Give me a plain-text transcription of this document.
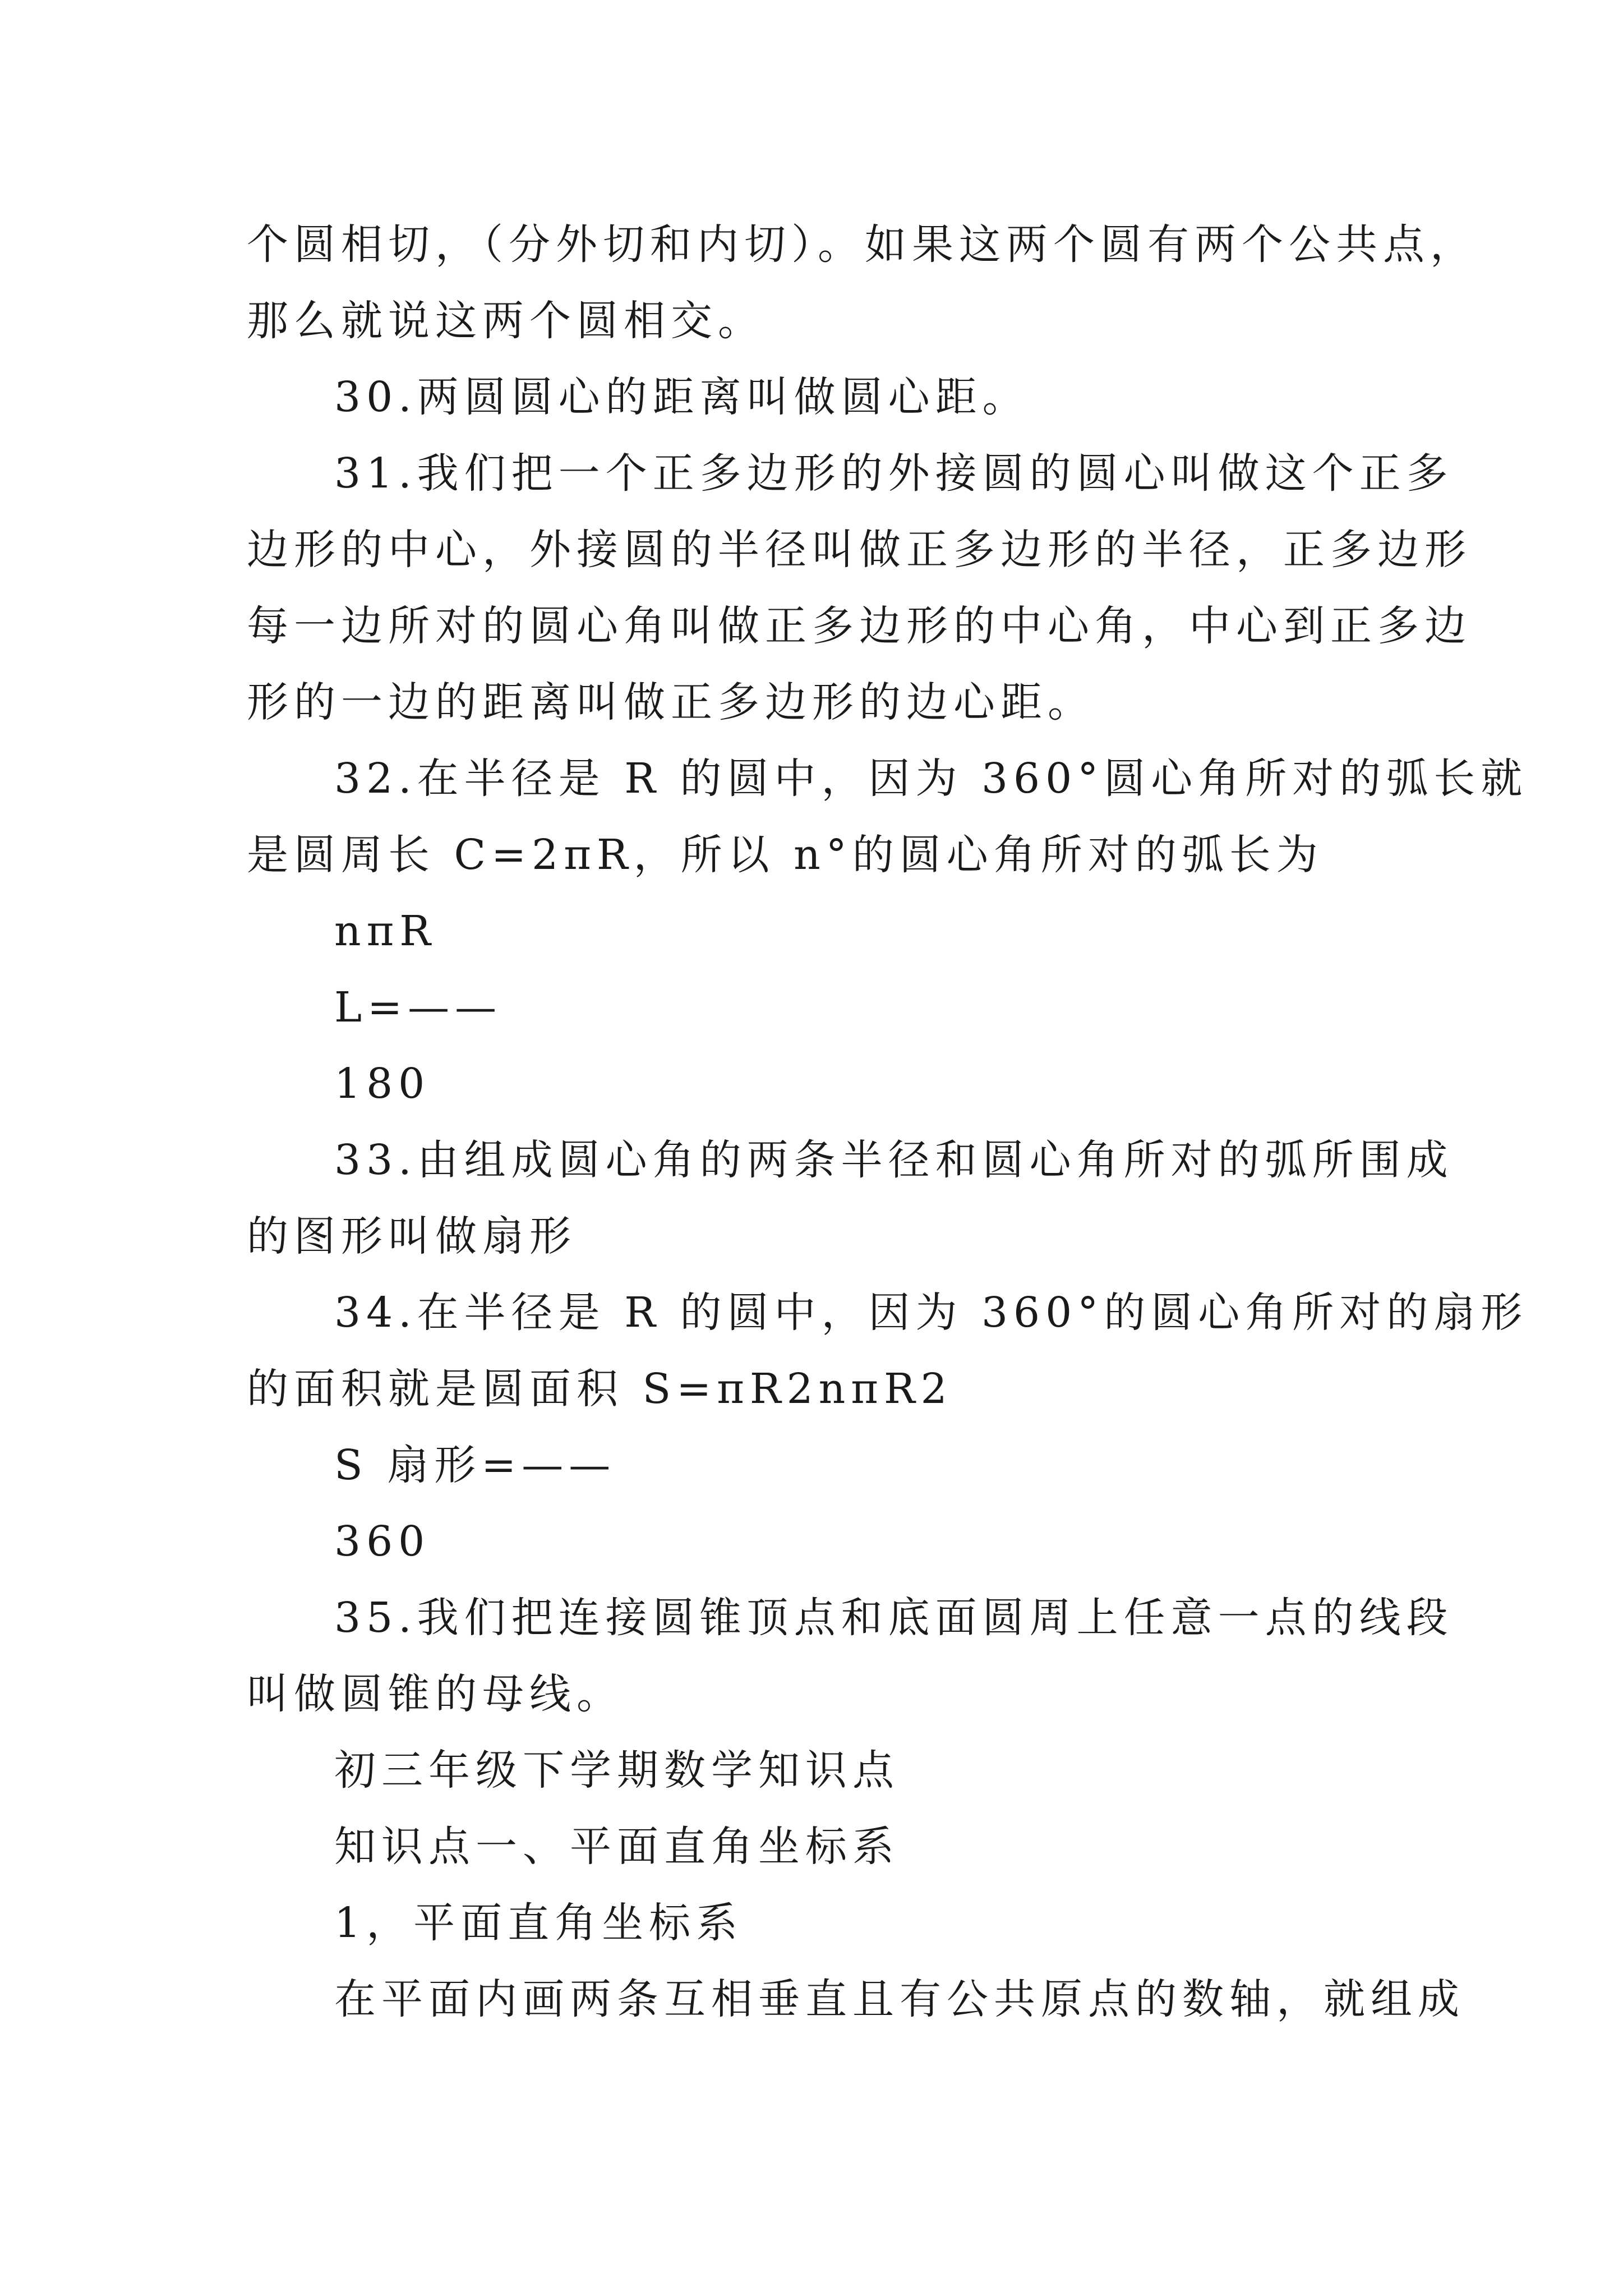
个圆相切，（分外切和内切）。如果这两个圆有两个公共点，

那么就说这两个圆相交。

30.两圆圆心的距离叫做圆心距。

31.我们把一个正多边形的外接圆的圆心叫做这个正多

边形的中心，外接圆的半径叫做正多边形的半径，正多边形

每一边所对的圆心角叫做正多边形的中心角，中心到正多边

形的一边的距离叫做正多边形的边心距。

32.在半径是 R 的圆中，因为 360°圆心角所对的弧长就

是圆周长 C=2πR，所以 n°的圆心角所对的弧长为

nπR

L=——

180

33.由组成圆心角的两条半径和圆心角所对的弧所围成

的图形叫做扇形

34.在半径是 R 的圆中，因为 360°的圆心角所对的扇形

的面积就是圆面积 S=πR2nπR2

S 扇形=——

360

35.我们把连接圆锥顶点和底面圆周上任意一点的线段

叫做圆锥的母线。

初三年级下学期数学知识点

知识点一、平面直角坐标系

1，平面直角坐标系

在平面内画两条互相垂直且有公共原点的数轴，就组成
